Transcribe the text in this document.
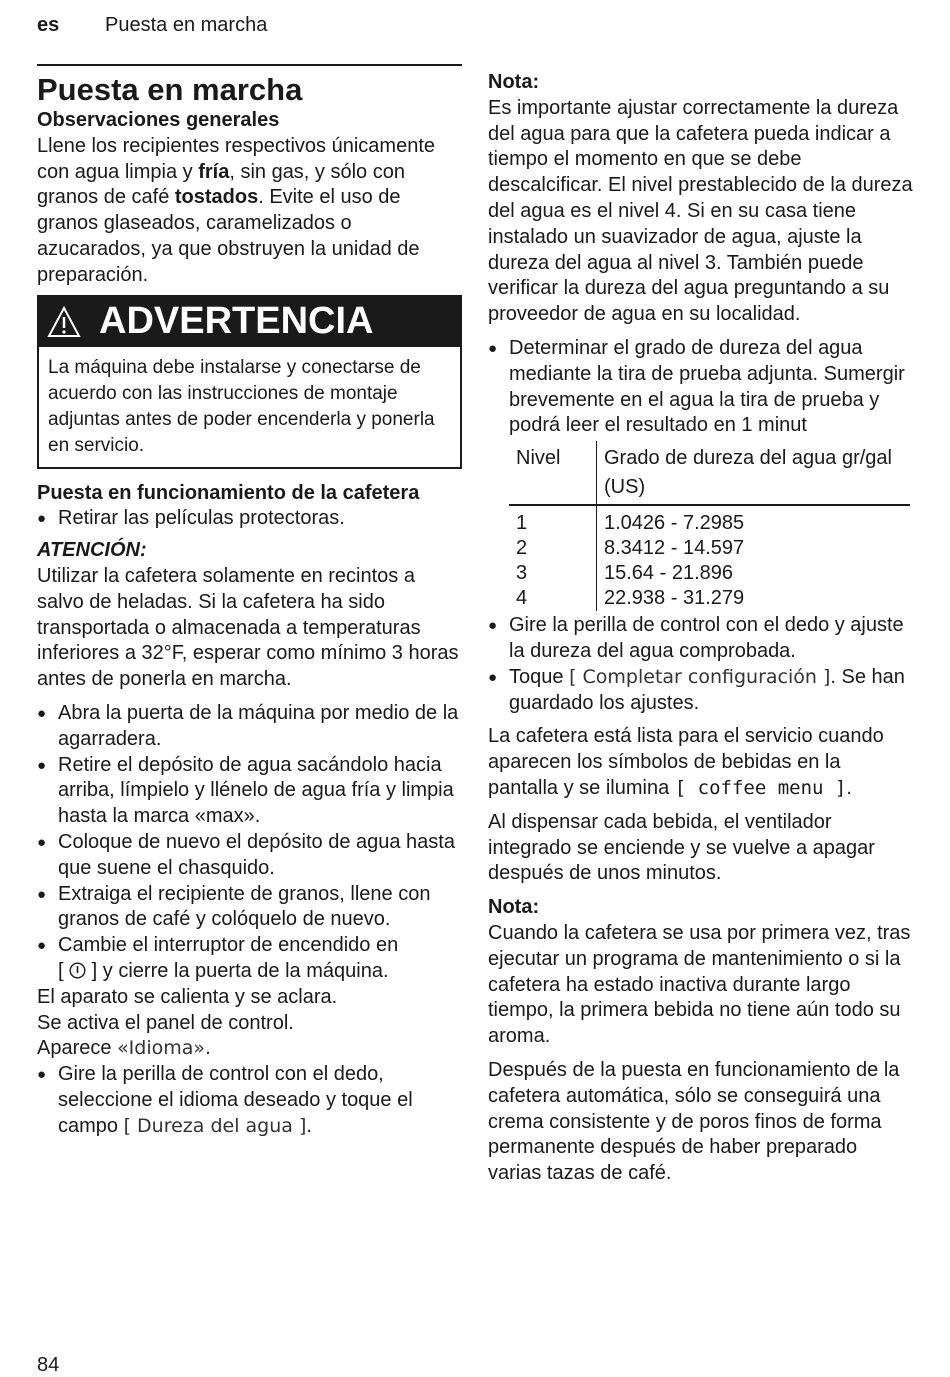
es Puesta en marcha
Puesta en marcha
Observaciones generales

Llene los recipientes respectivos únicamente con agua limpia y fría, sin gas, y sólo con granos de café tostados. Evite el uso de granos glaseados, caramelizados o azucarados, ya que obstruyen la unidad de preparación.

ADVERTENCIA
La máquina debe instalarse y conectarse de acuerdo con las instrucciones de montaje adjuntas antes de poder encenderla y ponerla en servicio.
Puesta en funcionamiento de la cafetera
● Retirar las películas protectoras.
ATENCIÓN:

Utilizar la cafetera solamente en recintos a salvo de heladas. Si la cafetera ha sido transportada o almacenada a temperaturas inferiores a 32°F, esperar como mínimo 3 horas antes de ponerla en marcha.

● Abra la puerta de la máquina por medio de la agarradera.
● Retire el depósito de agua sacándolo hacia arriba, límpielo y llénelo de agua fría y limpia hasta la marca «max».
● Coloque de nuevo el depósito de agua hasta que suene el chasquido.
● Extraiga el recipiente de granos, llene con granos de café y colóquelo de nuevo.
● Cambie el interruptor de encendido en
[  ] y cierre la puerta de la máquina.

El aparato se calienta y se aclara.

Se activa el panel de control.

Aparece «Idioma».

● Gire la perilla de control con el dedo, seleccione el idioma deseado y toque el campo [ Dureza del agua ].
Nota:

Es importante ajustar correctamente la dureza del agua para que la cafetera pueda indicar a tiempo el momento en que se debe descalcificar. El nivel prestablecido de la dureza del agua es el nivel 4. Si en su casa tiene instalado un suavizador de agua, ajuste la dureza del agua al nivel 3. También puede verificar la dureza del agua preguntando a su proveedor de agua en su localidad.

● Determinar el grado de dureza del agua mediante la tira de prueba adjunta. Sumergir brevemente en el agua la tira de prueba y podrá leer el resultado en 1 minut
Nivel	Grado de dureza del agua gr/gal (US)
1	1.0426 - 7.2985
2	8.3412 - 14.597
3	15.64 - 21.896
4	22.938 - 31.279
● Gire la perilla de control con el dedo y ajuste la dureza del agua comprobada.
● Toque [ Completar configuración ]. Se han guardado los ajustes.

La cafetera está lista para el servicio cuando aparecen los símbolos de bebidas en la pantalla y se ilumina [ coffee menu ].

Al dispensar cada bebida, el ventilador integrado se enciende y se vuelve a apagar después de unos minutos.

Nota:

Cuando la cafetera se usa por primera vez, tras ejecutar un programa de mantenimiento o si la cafetera ha estado inactiva durante largo tiempo, la primera bebida no tiene aún todo su aroma.

Después de la puesta en funcionamiento de la cafetera automática, sólo se conseguirá una crema consistente y de poros finos de forma permanente después de haber preparado varias tazas de café.

84
